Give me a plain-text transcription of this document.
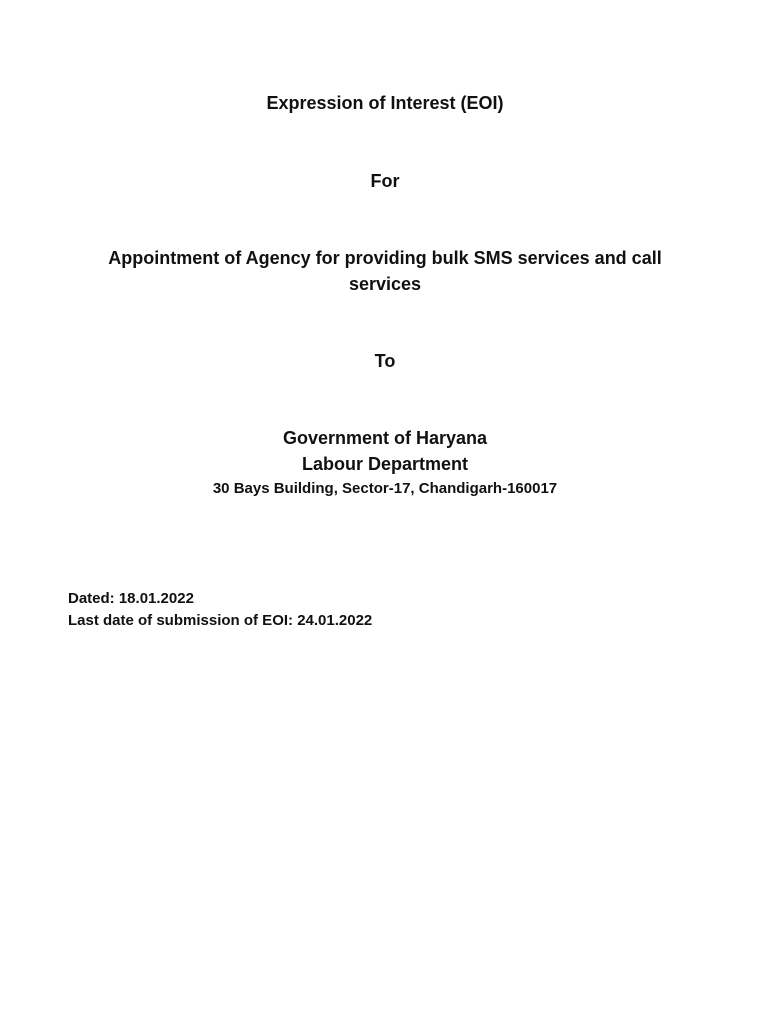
Expression of Interest (EOI)
For
Appointment of Agency for providing bulk SMS services and call
services
To
Government of Haryana
Labour Department
30 Bays Building, Sector-17, Chandigarh-160017
Dated: 18.01.2022
Last date of submission of EOI: 24.01.2022
